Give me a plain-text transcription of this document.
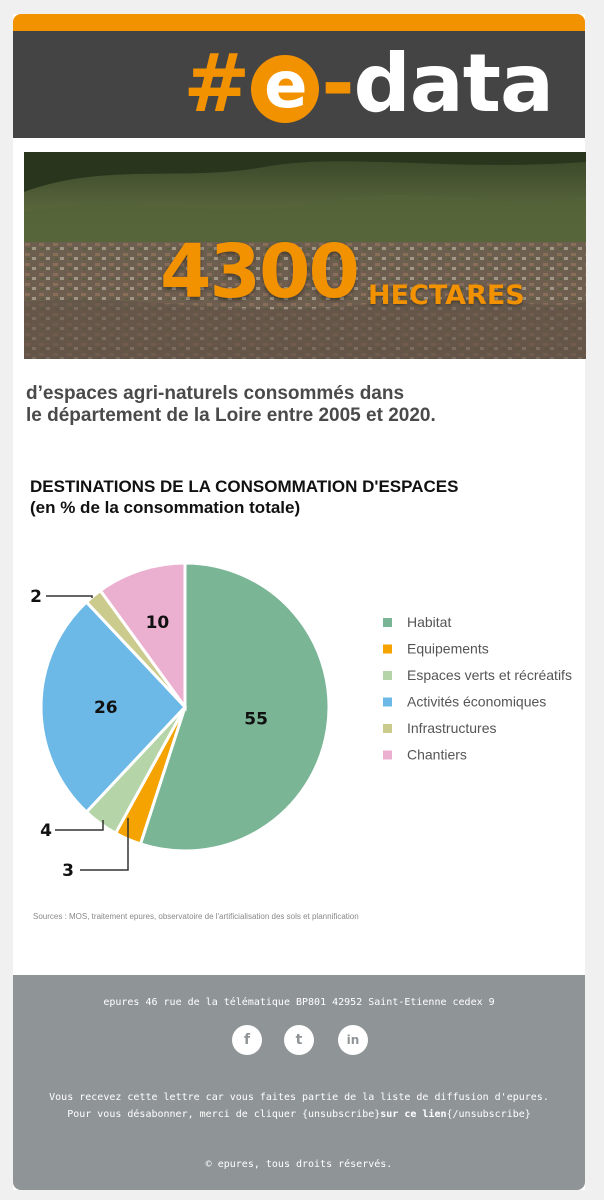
# e -data
4300 HECTARES
d’espaces agri-naturels consommés dans
le département de la Loire entre 2005 et 2020.
DESTINATIONS DE LA CONSOMMATION D'ESPACES
(en % de la consommation totale)
55
3
4
26
2
10	Habitat
Equipements
Espaces verts et récréatifs
Activités économiques
Infrastructures
Chantiers
Sources : MOS, traitement epures, observatoire de l'artificialisation des sols et plannification
epures 46 rue de la télématique BP801 42952 Saint-Etienne cedex 9
f	t	in
Vous recevez cette lettre car vous faites partie de la liste de diffusion d'epures.
Pour vous désabonner, merci de cliquer {unsubscribe}sur ce lien{/unsubscribe}
© epures, tous droits réservés.
